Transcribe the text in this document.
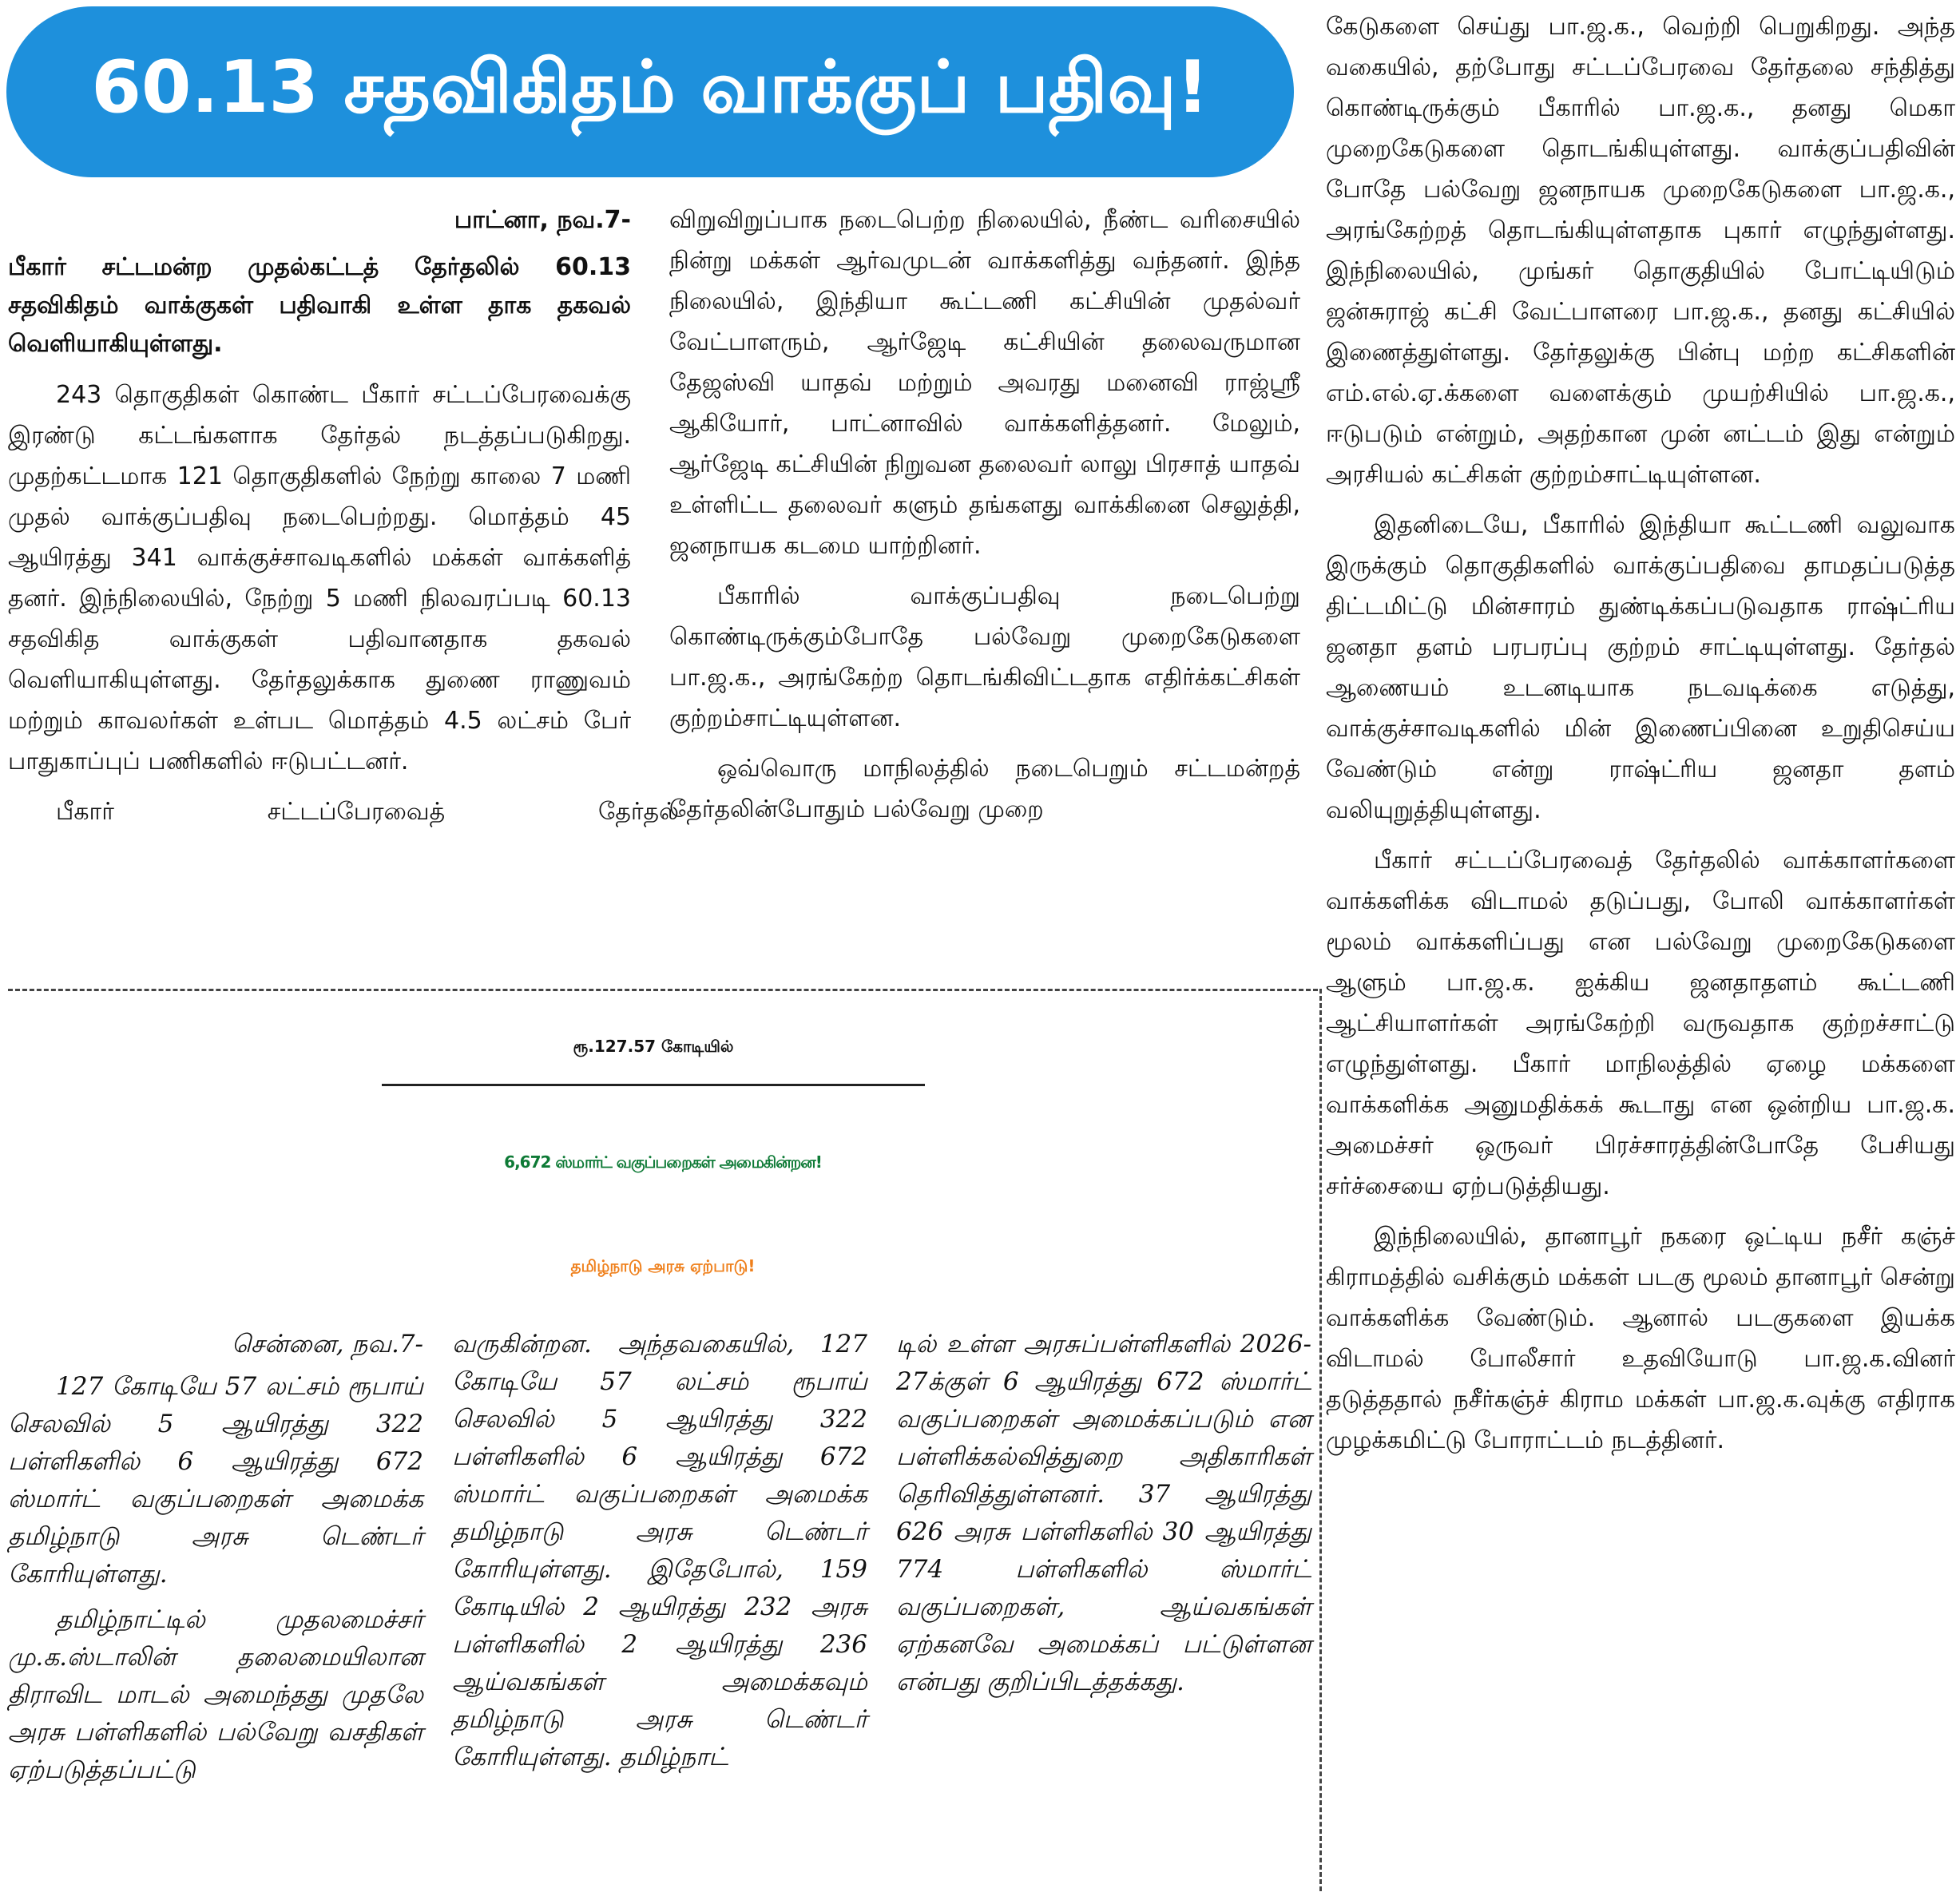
60.13 சதவிகிதம் வாக்குப் பதிவு!

பாட்னா, நவ.7-

பீகார் சட்டமன்ற முதல்கட்டத் தேர்தலில் 60.13 சதவிகிதம் வாக்குகள் பதிவாகி உள்ள தாக தகவல் வெளியாகியுள்ளது.

243 தொகுதிகள் கொண்ட பீகார் சட்டப்பேரவைக்கு இரண்டு கட்டங்களாக தேர்தல் நடத்தப்படுகிறது. முதற்கட்டமாக 121 தொகுதிகளில் நேற்று காலை 7 மணி முதல் வாக்குப்பதிவு நடைபெற்றது. மொத்தம் 45 ஆயிரத்து 341 வாக்குச்சாவடிகளில் மக்கள் வாக்களித் தனர். இந்நிலையில், நேற்று 5 மணி நிலவரப்படி 60.13 சதவிகித வாக்குகள் பதிவானதாக தகவல் வெளியாகியுள்ளது. தேர்தலுக்காக துணை ராணுவம் மற்றும் காவலர்கள் உள்பட மொத்தம் 4.5 லட்சம் பேர் பாதுகாப்புப் பணிகளில் ஈடுபட்டனர்.

பீகார்	சட்டப்பேரவைத்	தேர்தல்

விறுவிறுப்பாக நடைபெற்ற நிலையில், நீண்ட வரிசையில் நின்று மக்கள் ஆர்வமுடன் வாக்களித்து வந்தனர். இந்த நிலையில், இந்தியா கூட்டணி கட்சியின் முதல்வர் வேட்பாளரும், ஆர்ஜேடி கட்சியின் தலைவருமான தேஜஸ்வி யாதவ் மற்றும் அவரது மனைவி ராஜ்ஸ்ரீ ஆகியோர், பாட்னாவில் வாக்களித்தனர். மேலும், ஆர்ஜேடி கட்சியின் நிறுவன தலைவர் லாலு பிரசாத் யாதவ் உள்ளிட்ட தலைவர் களும் தங்களது வாக்கினை செலுத்தி, ஜனநாயக கடமை யாற்றினர்.

பீகாரில் வாக்குப்பதிவு நடைபெற்று கொண்டிருக்கும்போதே பல்வேறு முறைகேடுகளை பா.ஜ.க., அரங்கேற்ற தொடங்கிவிட்டதாக எதிர்க்கட்சிகள் குற்றம்சாட்டியுள்ளன.

ஒவ்வொரு மாநிலத்தில் நடைபெறும் சட்டமன்றத் தேர்தலின்போதும் பல்வேறு முறை

கேடுகளை செய்து பா.ஜ.க., வெற்றி பெறுகிறது. அந்த வகையில், தற்போது சட்டப்பேரவை தேர்தலை சந்தித்து கொண்டிருக்கும் பீகாரில் பா.ஜ.க., தனது மெகா முறைகேடுகளை தொடங்கியுள்ளது. வாக்குப்பதிவின் போதே பல்வேறு ஜனநாயக முறைகேடுகளை பா.ஜ.க., அரங்கேற்றத் தொடங்கியுள்ளதாக புகார் எழுந்துள்ளது. இந்நிலையில், முங்கர் தொகுதியில் போட்டியிடும் ஜன்சுராஜ் கட்சி வேட்பாளரை பா.ஜ.க., தனது கட்சியில் இணைத்துள்ளது. தேர்தலுக்கு பின்பு மற்ற கட்சிகளின் எம்.எல்.ஏ.க்களை வளைக்கும் முயற்சியில் பா.ஜ.க., ஈடுபடும் என்றும், அதற்கான முன் னட்டம் இது என்றும் அரசியல் கட்சிகள் குற்றம்சாட்டியுள்ளன.

இதனிடையே, பீகாரில் இந்தியா கூட்டணி வலுவாக இருக்கும் தொகுதிகளில் வாக்குப்பதிவை தாமதப்படுத்த திட்டமிட்டு மின்சாரம் துண்டிக்கப்படுவதாக ராஷ்ட்ரிய ஜனதா தளம் பரபரப்பு குற்றம் சாட்டியுள்ளது. தேர்தல் ஆணையம் உடனடியாக நடவடிக்கை எடுத்து, வாக்குச்சாவடிகளில் மின் இணைப்பினை உறுதிசெய்ய வேண்டும் என்று ராஷ்ட்ரிய ஜனதா தளம் வலியுறுத்தியுள்ளது.

பீகார் சட்டப்பேரவைத் தேர்தலில் வாக்காளர்களை வாக்களிக்க விடாமல் தடுப்பது, போலி வாக்காளர்கள் மூலம் வாக்களிப்பது என பல்வேறு முறைகேடுகளை ஆளும் பா.ஜ.க. ஐக்கிய ஜனதாதளம் கூட்டணி ஆட்சியாளர்கள் அரங்கேற்றி வருவதாக குற்றச்சாட்டு எழுந்துள்ளது. பீகார் மாநிலத்தில் ஏழை மக்களை வாக்களிக்க அனுமதிக்கக் கூடாது என ஒன்றிய பா.ஜ.க. அமைச்சர் ஒருவர் பிரச்சாரத்தின்போதே பேசியது சர்ச்சையை ஏற்படுத்தியது.

இந்நிலையில், தானாபூர் நகரை ஒட்டிய நசீர் கஞ்ச் கிராமத்தில் வசிக்கும் மக்கள் படகு மூலம் தானாபூர் சென்று வாக்களிக்க வேண்டும். ஆனால் படகுகளை இயக்க விடாமல் போலீசார் உதவியோடு பா.ஜ.க.வினர் தடுத்ததால் நசீர்கஞ்ச் கிராம மக்கள் பா.ஜ.க.வுக்கு எதிராக முழக்கமிட்டு போராட்டம் நடத்தினர்.

ரூ.127.57 கோடியில்
6,672 ஸ்மார்ட் வகுப்பறைகள் அமைகின்றன!
தமிழ்நாடு அரசு ஏற்பாடு!

சென்னை, நவ.7-

127 கோடியே 57 லட்சம் ரூபாய் செலவில் 5 ஆயிரத்து 322 பள்ளிகளில் 6 ஆயிரத்து 672 ஸ்மார்ட் வகுப்பறைகள் அமைக்க தமிழ்நாடு அரசு டெண்டர் கோரியுள்ளது.

தமிழ்நாட்டில் முதலமைச்சர் மு.க.ஸ்டாலின் தலைமையிலான திராவிட மாடல் அமைந்தது முதலே அரசு பள்ளிகளில் பல்வேறு வசதிகள் ஏற்படுத்தப்பட்டு

வருகின்றன. அந்தவகையில், 127 கோடியே 57 லட்சம் ரூபாய் செலவில் 5 ஆயிரத்து 322 பள்ளிகளில் 6 ஆயிரத்து 672 ஸ்மார்ட் வகுப்பறைகள் அமைக்க தமிழ்நாடு அரசு டெண்டர் கோரியுள்ளது. இதேபோல், 159 கோடியில் 2 ஆயிரத்து 232 அரசு பள்ளிகளில் 2 ஆயிரத்து 236 ஆய்வகங்கள் அமைக்கவும் தமிழ்நாடு அரசு டெண்டர் கோரியுள்ளது. தமிழ்நாட்

டில் உள்ள அரசுப்பள்ளிகளில் 2026-27க்குள் 6 ஆயிரத்து 672 ஸ்மார்ட் வகுப்பறைகள் அமைக்கப்படும் என பள்ளிக்கல்வித்துறை அதிகாரிகள் தெரிவித்துள்ளனர். 37 ஆயிரத்து 626 அரசு பள்ளிகளில் 30 ஆயிரத்து 774 பள்ளிகளில் ஸ்மார்ட் வகுப்பறைகள், ஆய்வகங்கள் ஏற்கனவே அமைக்கப் பட்டுள்ளன என்பது குறிப்பிடத்தக்கது.
